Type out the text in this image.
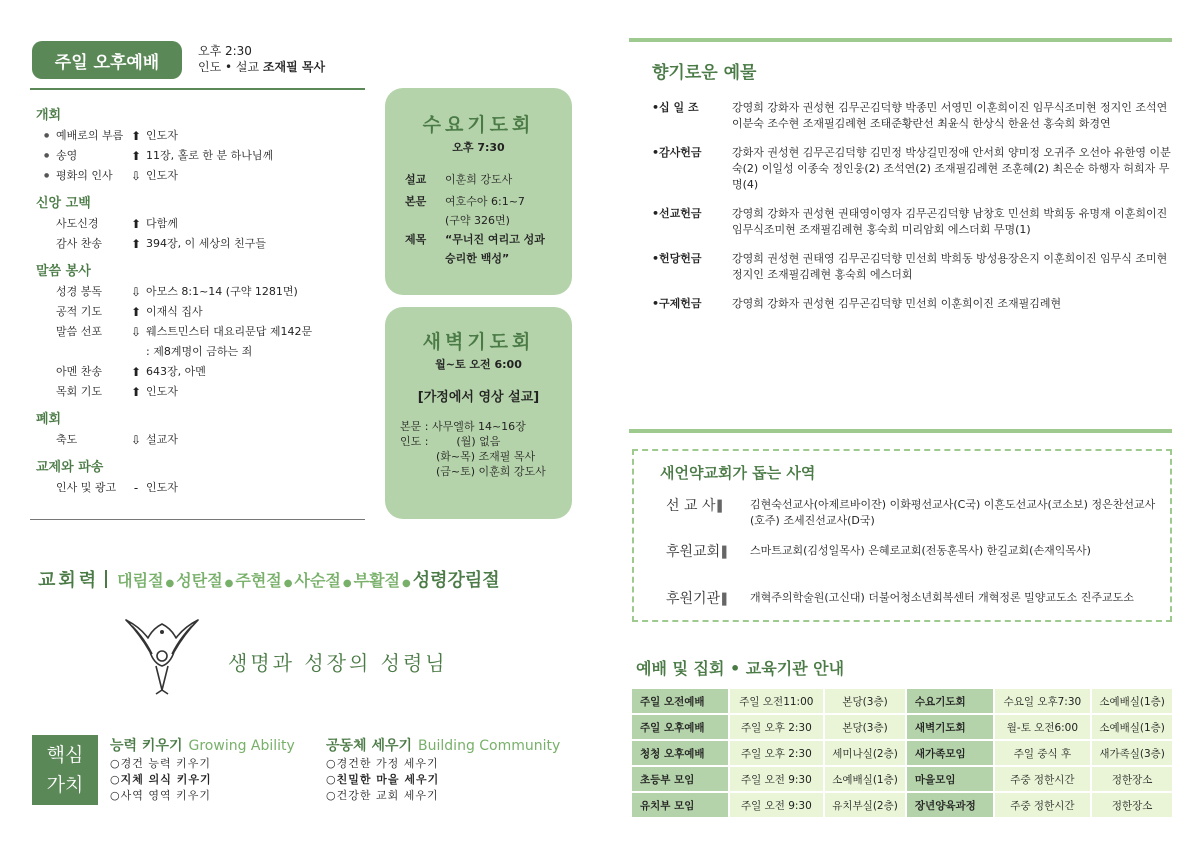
주일 오후예배
오후 2:30
인도 • 설교 조재필 목사
개회
● 예배로의 부름 ⬆ 인도자
● 송영	⬆ 11장, 홀로 한 분 하나님께
● 평화의 인사	⇩ 인도자
신앙 고백
사도신경	⬆ 다함께
감사 찬송	⬆ 394장, 이 세상의 친구들
말씀 봉사
성경 봉독	⇩ 아모스 8:1~14 (구약 1281면)
공적 기도	⬆ 이재식 집사
말씀 선포	⇩ 웨스트민스터 대요리문답 제142문
: 제8계명이 금하는 죄
아멘 찬송	⬆ 643장, 아멘
목회 기도	⬆ 인도자
폐회
축도	⇩ 설교자
교제와 파송
인사 및 광고	- 인도자
수요기도회
오후 7:30
설교	이훈희 강도사
본문	여호수아 6:1~7
(구약 326면)
제목	“무너진 여리고 성과
승리한 백성”
새벽기도회
월~토 오전 6:00
[가정에서 영상 설교]
본문 : 사무엘하 14~16장
인도 :        (월) 없음
(화~목) 조재필 목사
(금~토) 이훈희 강도사
교회력 대림절 ● 성탄절 ● 주현절 ● 사순절 ● 부활절 ● 성령강림절
생명과 성장의 성령님
핵심
가치
능력 키우기 Growing Ability
○경건 능력 키우기
○지체 의식 키우기
○사역 영역 키우기
공동체 세우기 Building Community
○경건한 가정 세우기
○친밀한 마을 세우기
○건강한 교회 세우기
향기로운 예물
•십 일 조	강영희 강화자 권성현 김무곤김덕향 박종민 서영민 이훈희이진 임무식조미현 정지인 조석연이분숙 조수현 조재필김례현 조태준황란선 최윤식 한상식 한윤선 홍숙희 화경연
•감사헌금	강화자 권성현 김무곤김덕향 김민정 박상길민정애 안서희 양미정 오귀주 오선아 유한영 이분숙(2) 이일성 이종숙 정인웅(2) 조석연(2) 조재필김례현 조훈혜(2) 최은순 하행자 허희자 무명(4)
•선교헌금	강영희 강화자 권성현 권태영이영자 김무곤김덕향 남창호 민선희 박희동 유명재 이훈희이진 임무식조미현 조재필김례현 홍숙희 미리암회 에스더회 무명(1)
•헌당헌금	강영희 권성현 권태영 김무곤김덕향 민선희 박희동 방성용장은지 이훈희이진 임무식 조미현 정지인 조재필김례현 홍숙희 에스더회
•구제헌금	강영희 강화자 권성현 김무곤김덕향 민선희 이훈희이진 조재필김례현
새언약교회가 돕는 사역
선 교 사 ▌	김현숙선교사(아제르바이잔) 이화평선교사(C국) 이흔도선교사(코소보) 정은찬선교사(호주) 조세진선교사(D국)
후원교회 ▌	스마트교회(김성일목사) 은혜로교회(전동훈목사) 한길교회(손재익목사)
후원기관 ▌	개혁주의학술원(고신대) 더불어청소년회복센터 개혁정론 밀양교도소 진주교도소
예배 및 집회 • 교육기관 안내
주일 오전예배	주일 오전11:00	본당(3층)	수요기도회	수요일 오후7:30	소예배실(1층)
주일 오후예배	주일 오후 2:30	본당(3층)	새벽기도회	월-토 오전6:00	소예배실(1층)
청청 오후예배	주일 오후 2:30	세미나실(2층)	새가족모임	주일 중식 후	새가족실(3층)
초등부 모임	주일 오전 9:30	소예배실(1층)	마을모임	주중 정한시간	정한장소
유치부 모임	주일 오전 9:30	유치부실(2층)	장년양육과정	주중 정한시간	정한장소
